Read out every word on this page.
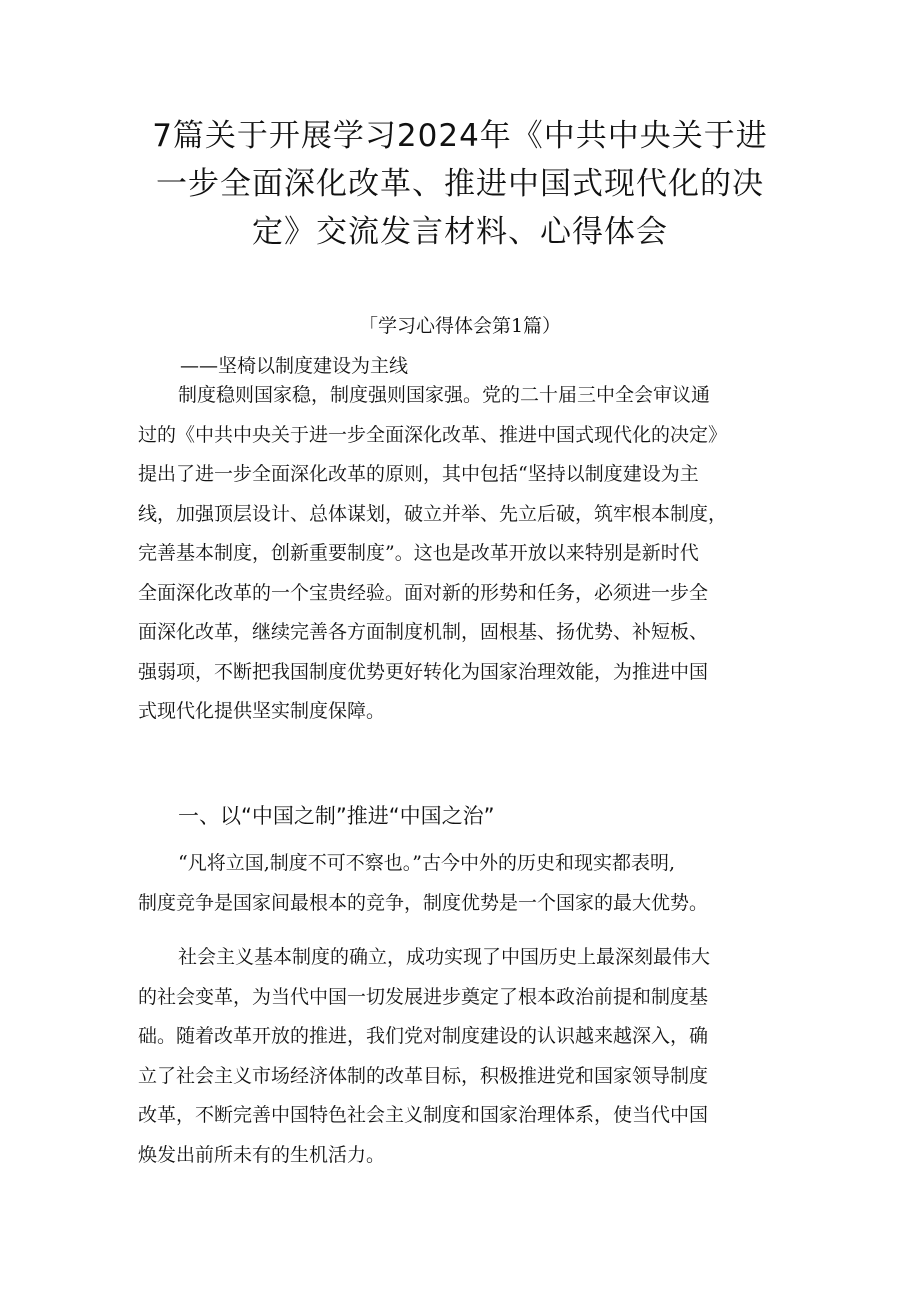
7篇关于开展学习2024年《中共中央关于进
一步全面深化改革、推进中国式现代化的决
定》交流发言材料、心得体会
「学习心得体会第1篇）
——坚椅以制度建设为主线
制度稳则国家稳，制度强则国家强。党的二十届三中全会审议通
过的《中共中央关于进一步全面深化改革、推进中国式现代化的决定》
提出了进一步全面深化改革的原则，其中包括“坚持以制度建设为主
线，加强顶层设计、总体谋划，破立并举、先立后破，筑牢根本制度，
完善基本制度，创新重要制度”。这也是改革开放以来特别是新时代
全面深化改革的一个宝贵经验。面对新的形势和任务，必须进一步全
面深化改革，继续完善各方面制度机制，固根基、扬优势、补短板、
强弱项，不断把我国制度优势更好转化为国家治理效能，为推进中国
式现代化提供坚实制度保障。
一、以“中国之制”推进“中国之治”
“凡将立国,制度不可不察也。”古今中外的历史和现实都表明,
制度竞争是国家间最根本的竞争，制度优势是一个国家的最大优势。
社会主义基本制度的确立，成功实现了中国历史上最深刻最伟大
的社会变革，为当代中国一切发展进步奠定了根本政治前提和制度基
础。随着改革开放的推进，我们党对制度建设的认识越来越深入，确
立了社会主义市场经济体制的改革目标，积极推进党和国家领导制度
改革，不断完善中国特色社会主义制度和国家治理体系，使当代中国
焕发出前所未有的生机活力。
